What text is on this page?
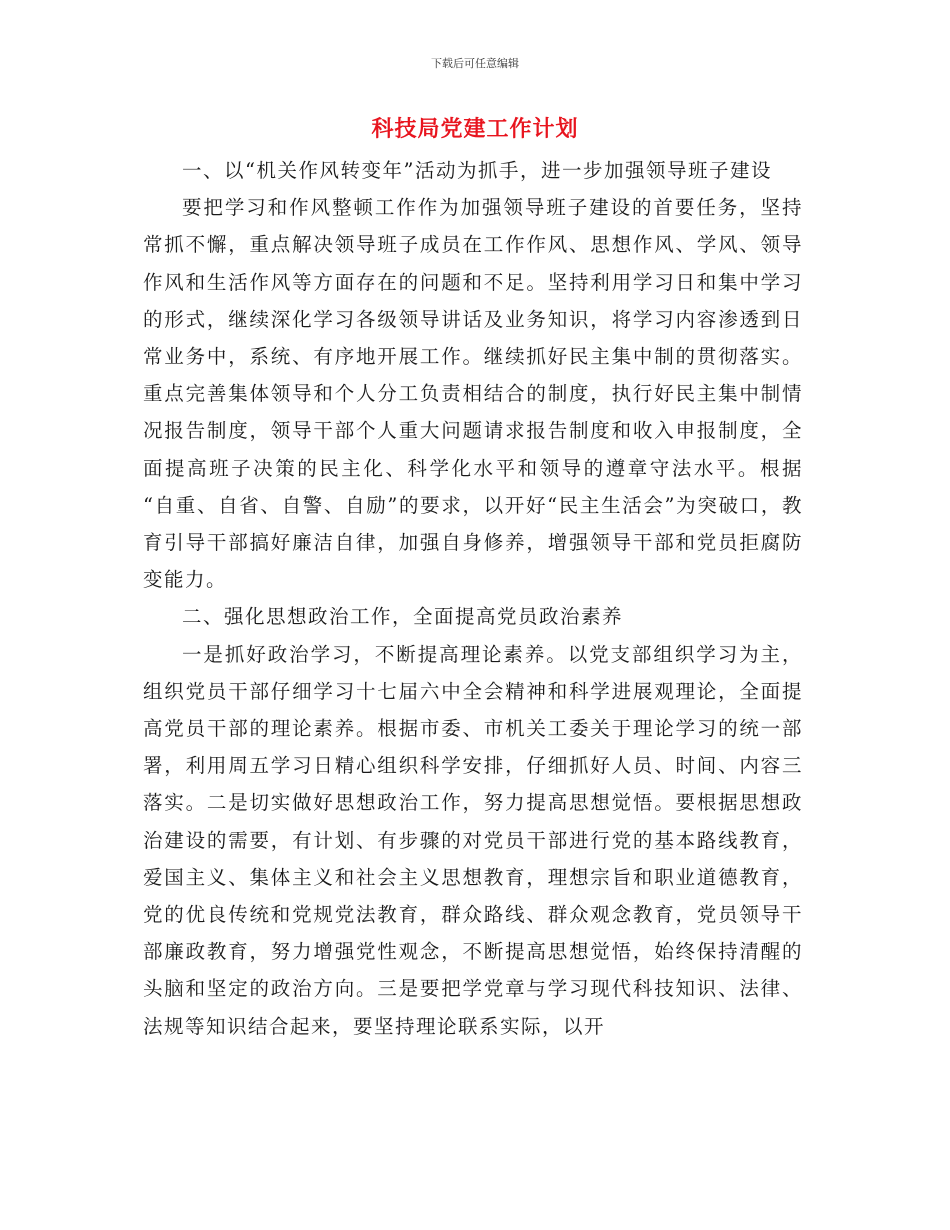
下载后可任意编辑
科技局党建工作计划

一、以“机关作风转变年”活动为抓手，进一步加强领导班子建设

要把学习和作风整顿工作作为加强领导班子建设的首要任务，坚持常抓不懈，重点解决领导班子成员在工作作风、思想作风、学风、领导作风和生活作风等方面存在的问题和不足。坚持利用学习日和集中学习的形式，继续深化学习各级领导讲话及业务知识，将学习内容渗透到日常业务中，系统、有序地开展工作。继续抓好民主集中制的贯彻落实。重点完善集体领导和个人分工负责相结合的制度，执行好民主集中制情况报告制度，领导干部个人重大问题请求报告制度和收入申报制度，全面提高班子决策的民主化、科学化水平和领导的遵章守法水平。根据 “自重、自省、自警、自励”的要求，以开好“民主生活会”为突破口，教育引导干部搞好廉洁自律，加强自身修养，增强领导干部和党员拒腐防变能力。

二、强化思想政治工作，全面提高党员政治素养

一是抓好政治学习，不断提高理论素养。以党支部组织学习为主，组织党员干部仔细学习十七届六中全会精神和科学进展观理论，全面提高党员干部的理论素养。根据市委、市机关工委关于理论学习的统一部署，利用周五学习日精心组织科学安排，仔细抓好人员、时间、内容三落实。二是切实做好思想政治工作，努力提高思想觉悟。要根据思想政治建设的需要，有计划、有步骤的对党员干部进行党的基本路线教育，爱国主义、集体主义和社会主义思想教育，理想宗旨和职业道德教育，党的优良传统和党规党法教育，群众路线、群众观念教育，党员领导干部廉政教育，努力增强党性观念，不断提高思想觉悟，始终保持清醒的头脑和坚定的政治方向。三是要把学党章与学习现代科技知识、法律、法规等知识结合起来，要坚持理论联系实际，以开
